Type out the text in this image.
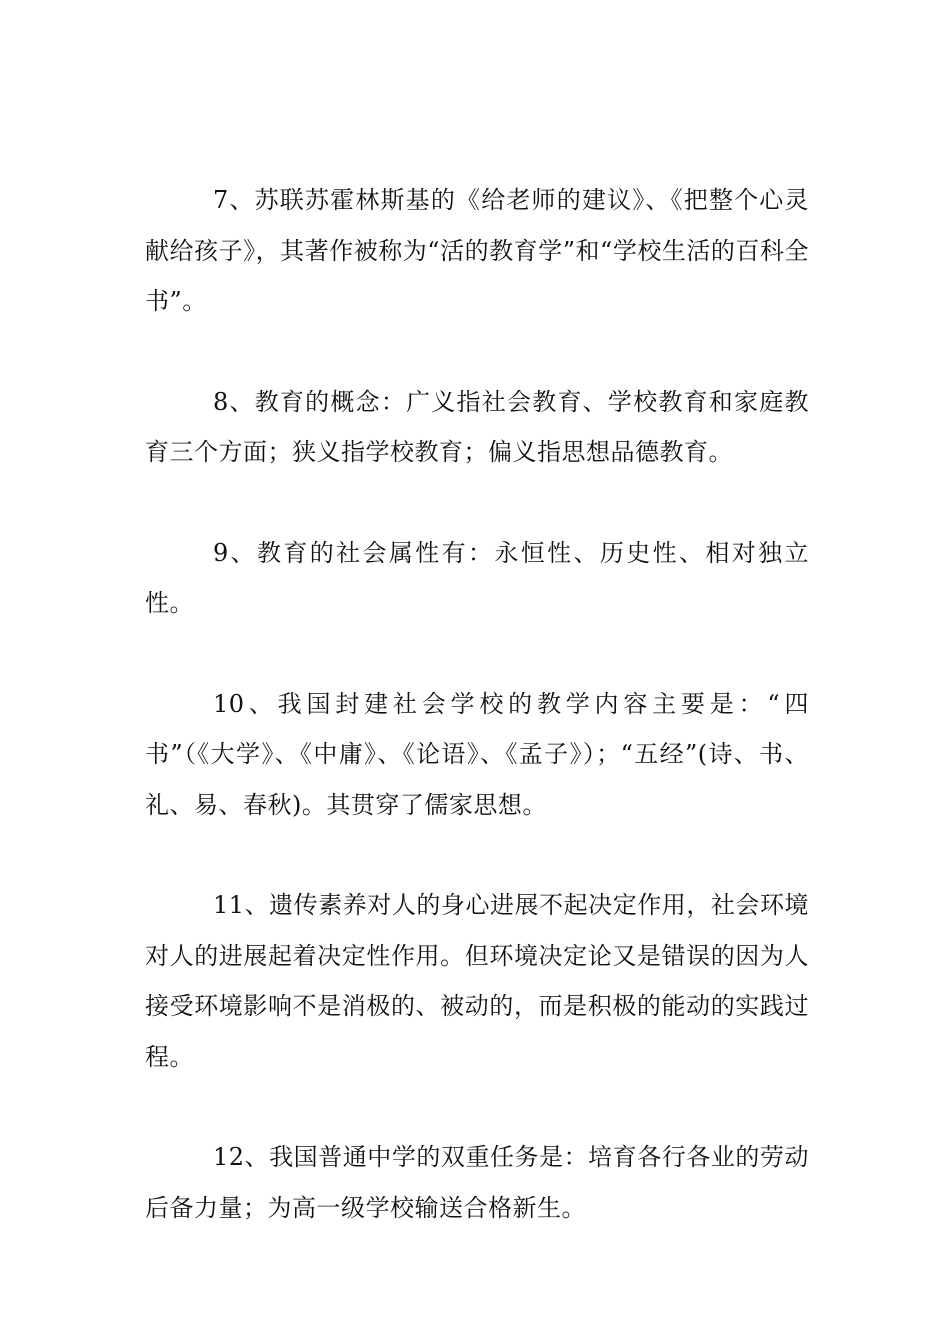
7、苏联苏霍林斯基的《给老师的建议》、《把整个心灵献给孩子》，其著作被称为“活的教育学”和“学校生活的百科全书”。

8、教育的概念：广义指社会教育、学校教育和家庭教育三个方面；狭义指学校教育；偏义指思想品德教育。

9、教育的社会属性有：永恒性、历史性、相对独立性。

10、我国封建社会学校的教学内容主要是：“四书”（《大学》、《中庸》、《论语》、《孟子》）；“五经”(诗、书、礼、易、春秋)。其贯穿了儒家思想。

11、遗传素养对人的身心进展不起决定作用，社会环境对人的进展起着决定性作用。但环境决定论又是错误的因为人接受环境影响不是消极的、被动的，而是积极的能动的实践过程。

12、我国普通中学的双重任务是：培育各行各业的劳动后备力量；为高一级学校输送合格新生。
